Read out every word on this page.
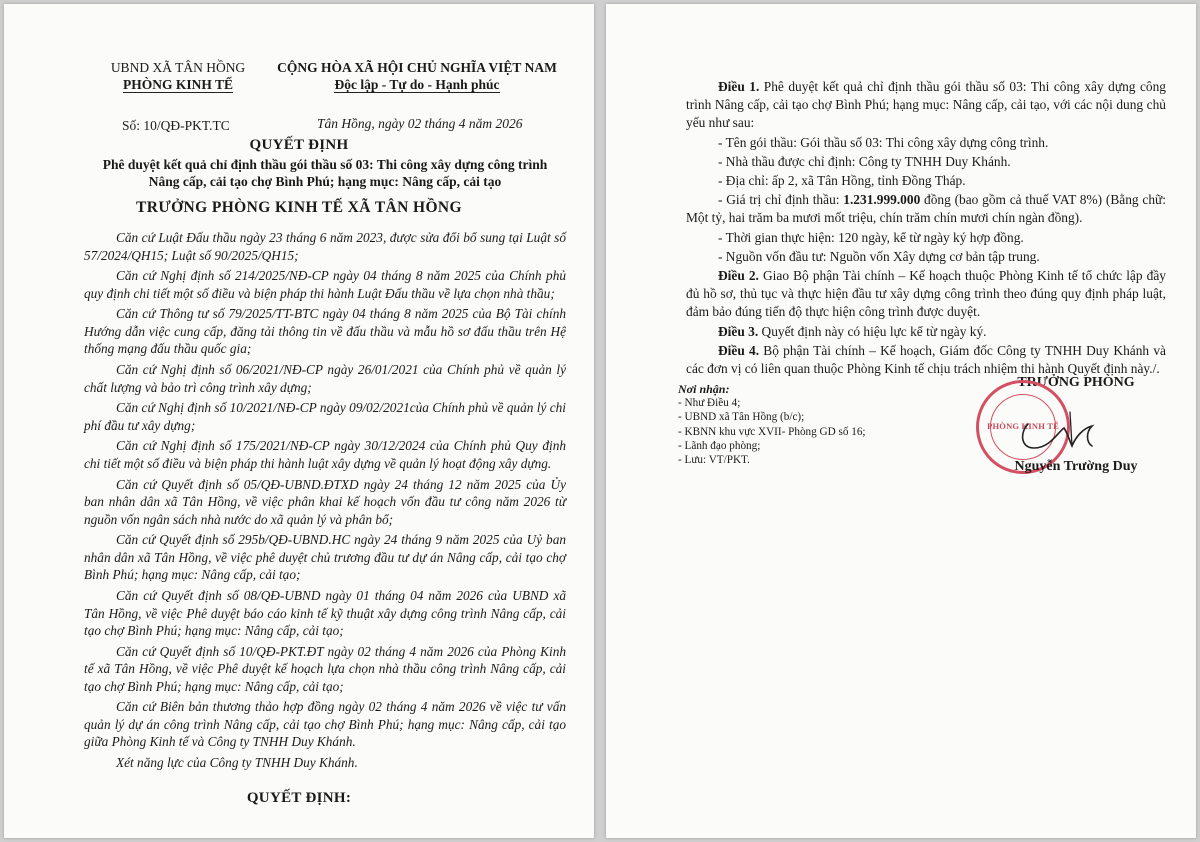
UBND XÃ TÂN HỒNG
PHÒNG KINH TẾ
CỘNG HÒA XÃ HỘI CHỦ NGHĨA VIỆT NAM
Độc lập - Tự do - Hạnh phúc
Số: 10/QĐ-PKT.TC	Tân Hồng, ngày 02 tháng 4 năm 2026
QUYẾT ĐỊNH
Phê duyệt kết quả chỉ định thầu gói thầu số 03: Thi công xây dựng công trình
Nâng cấp, cải tạo chợ Bình Phú; hạng mục: Nâng cấp, cải tạo
TRƯỞNG PHÒNG KINH TẾ XÃ TÂN HỒNG

Căn cứ Luật Đấu thầu ngày 23 tháng 6 năm 2023, được sửa đổi bổ sung tại Luật số 57/2024/QH15; Luật số 90/2025/QH15;

Căn cứ Nghị định số 214/2025/NĐ-CP ngày 04 tháng 8 năm 2025 của Chính phủ quy định chi tiết một số điều và biện pháp thi hành Luật Đấu thầu về lựa chọn nhà thầu;

Căn cứ Thông tư số 79/2025/TT-BTC ngày 04 tháng 8 năm 2025 của Bộ Tài chính Hướng dẫn việc cung cấp, đăng tải thông tin về đấu thầu và mẫu hồ sơ đấu thầu trên Hệ thống mạng đấu thầu quốc gia;

Căn cứ Nghị định số 06/2021/NĐ-CP ngày 26/01/2021 của Chính phủ về quản lý chất lượng và bảo trì công trình xây dựng;

Căn cứ Nghị định số 10/2021/NĐ-CP ngày 09/02/2021của Chính phủ về quản lý chi phí đầu tư xây dựng;

Căn cứ Nghị định số 175/2021/NĐ-CP ngày 30/12/2024 của Chính phủ Quy định chi tiết một số điều và biện pháp thi hành luật xây dựng về quản lý hoạt động xây dựng.

Căn cứ Quyết định số 05/QĐ-UBND.ĐTXD ngày 24 tháng 12 năm 2025 của Ủy ban nhân dân xã Tân Hồng, về việc phân khai kế hoạch vốn đầu tư công năm 2026 từ nguồn vốn ngân sách nhà nước do xã quản lý và phân bổ;

Căn cứ Quyết định số 295b/QĐ-UBND.HC ngày 24 tháng 9 năm 2025 của Uỷ ban nhân dân xã Tân Hồng, về việc phê duyệt chủ trương đầu tư dự án Nâng cấp, cải tạo chợ Bình Phú; hạng mục: Nâng cấp, cải tạo;

Căn cứ Quyết định số 08/QĐ-UBND ngày 01 tháng 04 năm 2026 của UBND xã Tân Hồng, về việc Phê duyệt báo cáo kinh tế kỹ thuật xây dựng công trình Nâng cấp, cải tạo chợ Bình Phú; hạng mục: Nâng cấp, cải tạo;

Căn cứ Quyết định số 10/QĐ-PKT.ĐT ngày 02 tháng 4 năm 2026 của Phòng Kinh tế xã Tân Hồng, về việc Phê duyệt kế hoạch lựa chọn nhà thầu công trình Nâng cấp, cải tạo chợ Bình Phú; hạng mục: Nâng cấp, cải tạo;

Căn cứ Biên bản thương thảo hợp đồng ngày 02 tháng 4 năm 2026 về việc tư vấn quản lý dự án công trình Nâng cấp, cải tạo chợ Bình Phú; hạng mục: Nâng cấp, cải tạo giữa Phòng Kinh tế và Công ty TNHH Duy Khánh.

Xét năng lực của Công ty TNHH Duy Khánh.

QUYẾT ĐỊNH:

Điều 1. Phê duyệt kết quả chỉ định thầu gói thầu số 03: Thi công xây dựng công trình Nâng cấp, cải tạo chợ Bình Phú; hạng mục: Nâng cấp, cải tạo, với các nội dung chủ yếu như sau:

- Tên gói thầu: Gói thầu số 03: Thi công xây dựng công trình.

- Nhà thầu được chỉ định: Công ty TNHH Duy Khánh.

- Địa chỉ: ấp 2, xã Tân Hồng, tỉnh Đồng Tháp.

- Giá trị chỉ định thầu: 1.231.999.000 đồng (bao gồm cả thuế VAT 8%) (Bằng chữ: Một tỷ, hai trăm ba mươi mốt triệu, chín trăm chín mươi chín ngàn đồng).

- Thời gian thực hiện: 120 ngày, kể từ ngày ký hợp đồng.

- Nguồn vốn đầu tư: Nguồn vốn Xây dựng cơ bản tập trung.

Điều 2. Giao Bộ phận Tài chính – Kế hoạch thuộc Phòng Kinh tế tổ chức lập đầy đủ hồ sơ, thủ tục và thực hiện đầu tư xây dựng công trình theo đúng quy định pháp luật, đảm bảo đúng tiến độ thực hiện công trình được duyệt.

Điều 3. Quyết định này có hiệu lực kể từ ngày ký.

Điều 4. Bộ phận Tài chính – Kế hoạch, Giám đốc Công ty TNHH Duy Khánh và các đơn vị có liên quan thuộc Phòng Kinh tế chịu trách nhiệm thi hành Quyết định này./.

Nơi nhận:
- Như Điều 4;
- UBND xã Tân Hồng (b/c);
- KBNN khu vực XVII- Phòng GD số 16;
- Lãnh đạo phòng;
- Lưu: VT/PKT.
TRƯỞNG PHÒNG
PHÒNG KINH TẾ
Nguyễn Trường Duy
